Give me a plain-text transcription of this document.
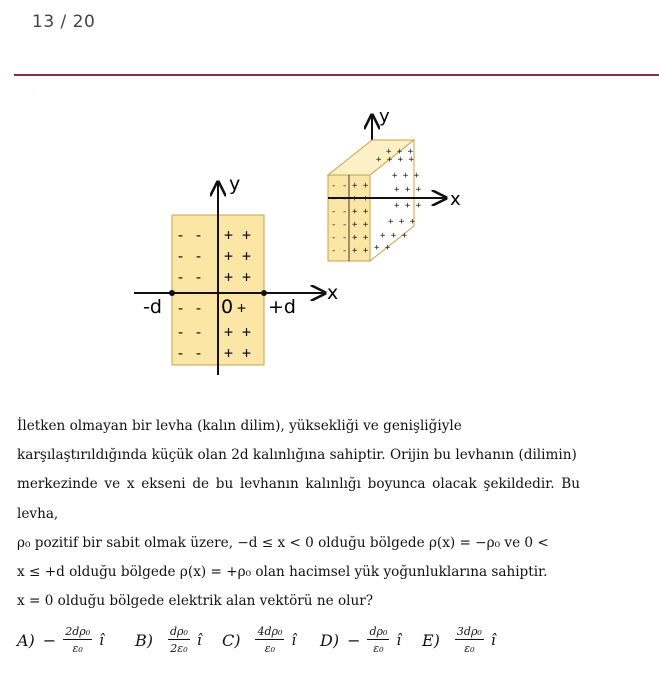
13 / 20
·
y
x
-d	+d
0
- -
- -
- -
- -
- -
- -
+ +
+ +
+ +
+
+ +
+ +
y
x
- -
- -
- -
- -
- -
- -
+ +
+ +
+ +
+ +
+ +
+ +
+ + + +
+ + +
+ + +
+ + +
+ + +
+ + +
+ + +
+ +

İletken olmayan bir levha (kalın dilim), yüksekliği ve genişliğiyle

karşılaştırıldığında küçük olan 2d kalınlığına sahiptir. Orijin bu levhanın (dilimin)

merkezinde ve x ekseni de bu levhanın kalınlığı boyunca olacak şekildedir. Bu levha,

ρ₀ pozitif bir sabit olmak üzere, −d ≤ x < 0 olduğu bölgede ρ(x) = −ρ₀ ve 0 <

x ≤ +d olduğu bölgede ρ(x) = +ρ₀ olan hacimsel yük yoğunluklarına sahiptir.

x = 0 olduğu bölgede elektrik alan vektörü ne olur?

$A) - \frac{\text{2dρ₀}}{\text{ε₀}}$ î $B) \frac{\text{dρ₀}}{\text{2ε₀}}$ î $C) \frac{\text{4dρ₀}}{\text{ε₀}}$ î $D) - \frac{\text{dρ₀}}{\text{ε₀}}$ î $E) \frac{\text{3dρ₀}}{\text{ε₀}}$ î
